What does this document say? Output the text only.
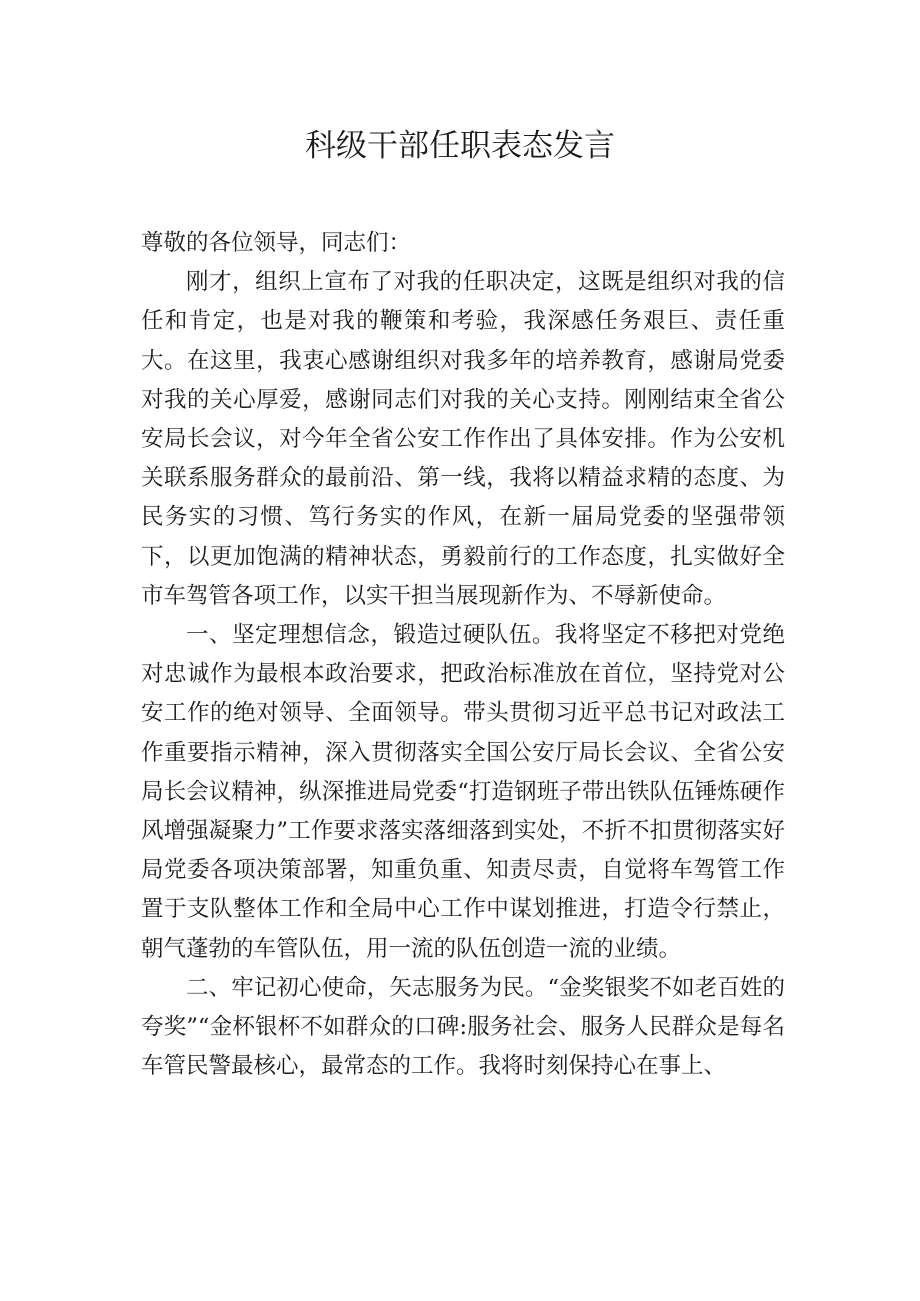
科级干部任职表态发言

尊敬的各位领导，同志们：

刚才，组织上宣布了对我的任职决定，这既是组织对我的信任和肯定，也是对我的鞭策和考验，我深感任务艰巨、责任重大。在这里，我衷心感谢组织对我多年的培养教育，感谢局党委对我的关心厚爱，感谢同志们对我的关心支持。刚刚结束全省公安局长会议，对今年全省公安工作作出了具体安排。作为公安机关联系服务群众的最前沿、第一线，我将以精益求精的态度、为民务实的习惯、笃行务实的作风，在新一届局党委的坚强带领下，以更加饱满的精神状态，勇毅前行的工作态度，扎实做好全市车驾管各项工作，以实干担当展现新作为、不辱新使命。

一、坚定理想信念，锻造过硬队伍。我将坚定不移把对党绝对忠诚作为最根本政治要求，把政治标准放在首位，坚持党对公安工作的绝对领导、全面领导。带头贯彻习近平总书记对政法工作重要指示精神，深入贯彻落实全国公安厅局长会议、全省公安局长会议精神，纵深推进局党委“打造钢班子带出铁队伍锤炼硬作风增强凝聚力”工作要求落实落细落到实处，不折不扣贯彻落实好局党委各项决策部署，知重负重、知责尽责，自觉将车驾管工作置于支队整体工作和全局中心工作中谋划推进，打造令行禁止，朝气蓬勃的车管队伍，用一流的队伍创造一流的业绩。

二、牢记初心使命，矢志服务为民。“金奖银奖不如老百姓的夸奖”“金杯银杯不如群众的口碑:服务社会、服务人民群众是每名车管民警最核心，最常态的工作。我将时刻保持心在事上、
